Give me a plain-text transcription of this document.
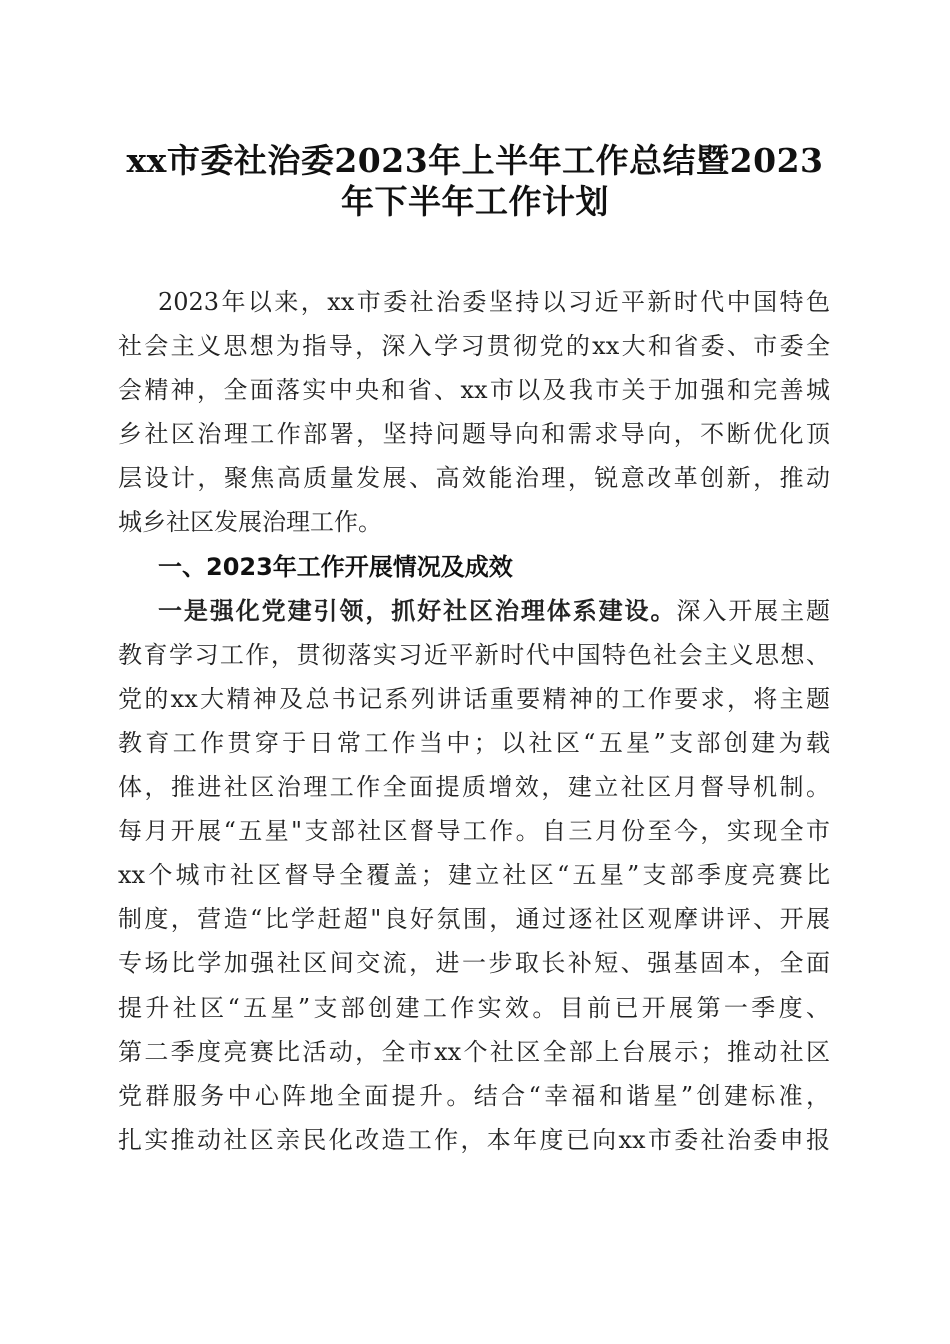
xx市委社治委2023年上半年工作总结暨2023
年下半年工作计划
2023年以来，xx市委社治委坚持以习近平新时代中国特色
社会主义思想为指导，深入学习贯彻党的xx大和省委、市委全
会精神，全面落实中央和省、xx市以及我市关于加强和完善城
乡社区治理工作部署，坚持问题导向和需求导向，不断优化顶
层设计，聚焦高质量发展、高效能治理，锐意改革创新，推动
城乡社区发展治理工作。
一、2023年工作开展情况及成效
一是强化党建引领，抓好社区治理体系建设。深入开展主题
教育学习工作，贯彻落实习近平新时代中国特色社会主义思想、
党的xx大精神及总书记系列讲话重要精神的工作要求，将主题
教育工作贯穿于日常工作当中；以社区“五星”支部创建为载
体，推进社区治理工作全面提质增效，建立社区月督导机制。
每月开展“五星"支部社区督导工作。自三月份至今，实现全市
xx个城市社区督导全覆盖；建立社区“五星”支部季度亮赛比
制度，营造“比学赶超"良好氛围，通过逐社区观摩讲评、开展
专场比学加强社区间交流，进一步取长补短、强基固本，全面
提升社区“五星”支部创建工作实效。目前已开展第一季度、
第二季度亮赛比活动，全市xx个社区全部上台展示；推动社区
党群服务中心阵地全面提升。结合“幸福和谐星”创建标准，
扎实推动社区亲民化改造工作，本年度已向xx市委社治委申报
